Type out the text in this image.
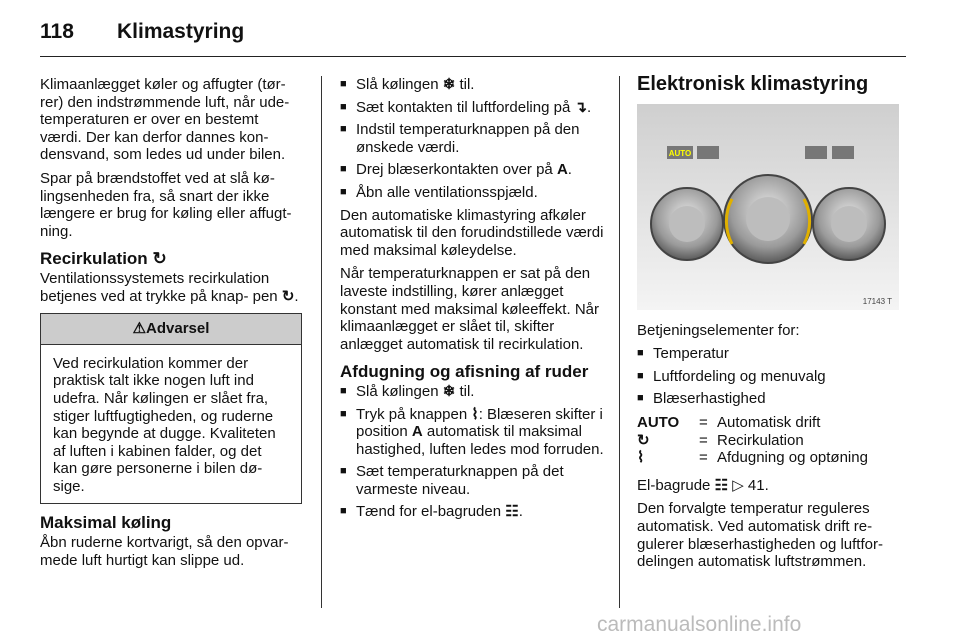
118 Klimastyring

Klimaanlægget køler og affugter (tør- rer) den indstrømmende luft, når ude- temperaturen er over en bestemt værdi. Der kan derfor dannes kon- densvand, som ledes ud under bilen.

Spar på brændstoffet ved at slå kø- lingsenheden fra, så snart der ikke længere er brug for køling eller affugt- ning.

Recirkulation ↻

Ventilationssystemets recirkulation betjenes ved at trykke på knap- pen ↻.

⚠Advarsel
Ved recirkulation kommer der praktisk talt ikke nogen luft ind udefra. Når kølingen er slået fra, stiger luftfugtigheden, og ruderne kan begynde at dugge. Kvaliteten af luften i kabinen falder, og det kan gøre personerne i bilen dø- sige.
Maksimal køling

Åbn ruderne kortvarigt, så den opvar- mede luft hurtigt kan slippe ud.

■ Slå kølingen ❄ til.
■ Sæt kontakten til luftfordeling på ↴.
■ Indstil temperaturknappen på den ønskede værdi.
■ Drej blæserkontakten over på A.
■ Åbn alle ventilationsspjæld.

Den automatiske klimastyring afkøler automatisk til den forudindstillede værdi med maksimal køleydelse.

Når temperaturknappen er sat på den laveste indstilling, kører anlægget konstant med maksimal køleeffekt. Når klimaanlægget er slået til, skifter anlægget automatisk til recirkulation.

Afdugning og afisning af ruder
■ Slå kølingen ❄ til.
■ Tryk på knappen ⌇: Blæseren skifter i position A automatisk til maksimal hastighed, luften ledes mod forruden.
■ Sæt temperaturknappen på det varmeste niveau.
■ Tænd for el-bagruden ☷.
Elektronisk klimastyring
AUTO
17143 T

Betjeningselementer for:

■ Temperatur
■ Luftfordeling og menuvalg
■ Blæserhastighed
AUTO	= Automatisk drift
↻	= Recirkulation
⌇	= Afdugning og optøning

El-bagrude ☷ ▷ 41.

Den forvalgte temperatur reguleres automatisk. Ved automatisk drift re- gulerer blæserhastigheden og luftfor- delingen automatisk luftstrømmen.

carmanualsonline.info
